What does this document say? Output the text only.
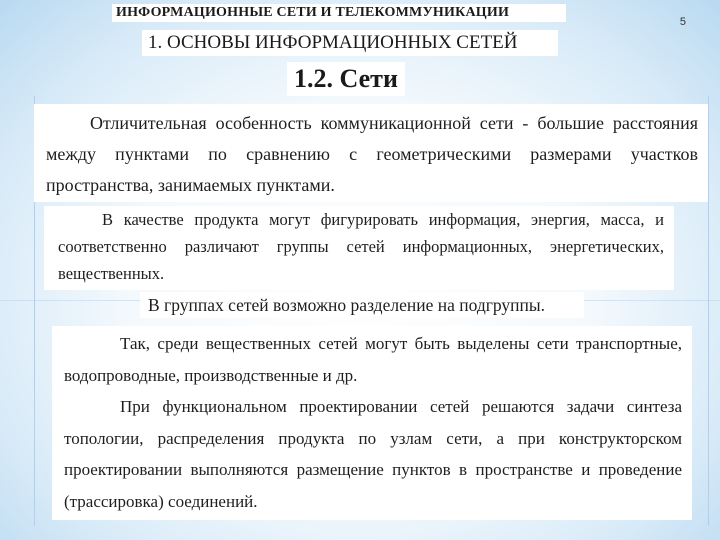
ИНФОРМАЦИОННЫЕ СЕТИ И ТЕЛЕКОММУНИКАЦИИ
5
1. ОСНОВЫ ИНФОРМАЦИОННЫХ СЕТЕЙ
1.2. Сети

Отличительная особенность коммуникационной сети - большие расстояния между пунктами по сравнению с геометрическими размерами участков пространства, занимаемых пунктами.

В качестве продукта могут фигурировать информация, энергия, масса, и соответственно различают группы сетей информационных, энергетических, вещественных.

В группах сетей возможно разделение на подгруппы.

Так, среди вещественных сетей могут быть выделены сети транспортные, водопроводные, производственные и др.

При функциональном проектировании сетей решаются задачи синтеза топологии, распределения продукта по узлам сети, а при конструкторском проектировании выполняются размещение пунктов в пространстве и проведение (трассировка) соединений.
